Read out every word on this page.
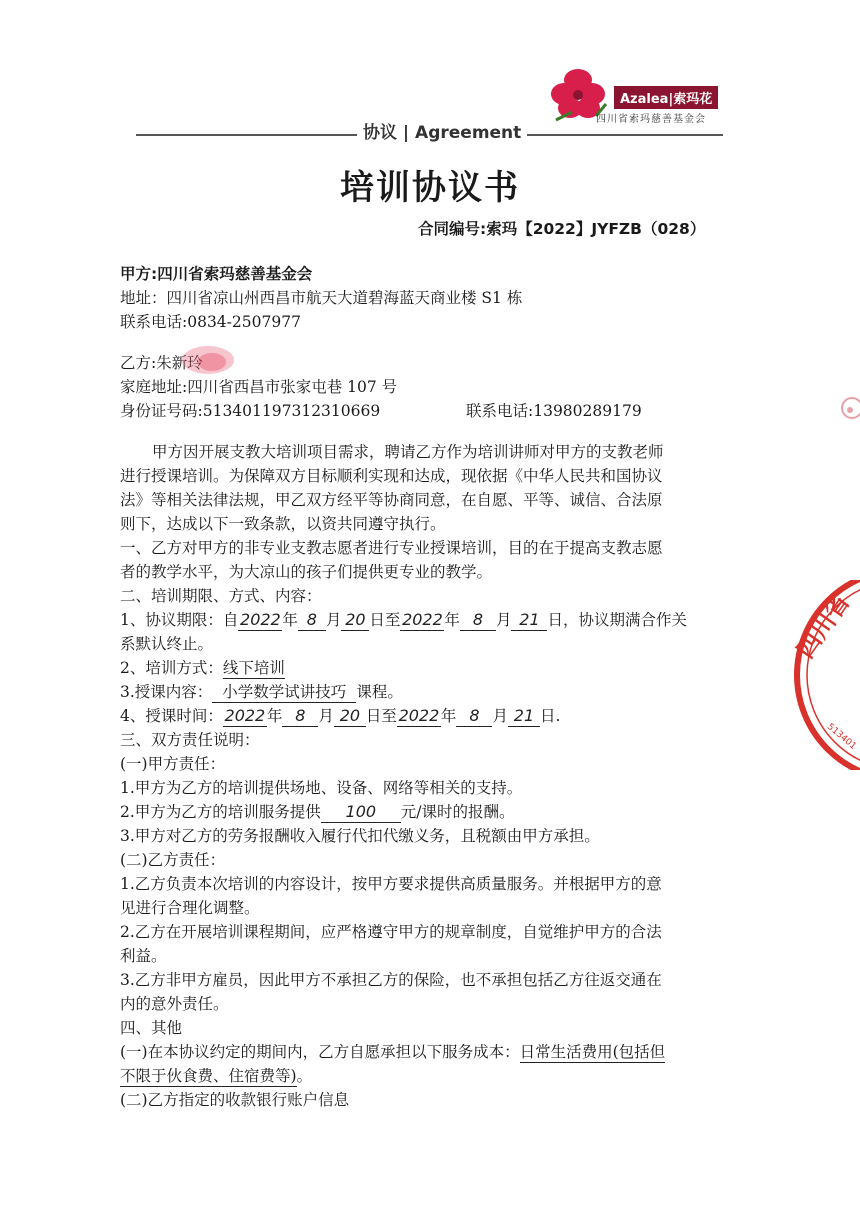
Azalea|索玛花
四川省索玛慈善基金会
协议 | Agreement
培训协议书
合同编号:索玛【2022】JYFZB（028）
甲方:四川省索玛慈善基金会
地址：四川省凉山州西昌市航天大道碧海蓝天商业楼 S1 栋
联系电话:0834-2507977
乙方:朱新玲
家庭地址:四川省西昌市张家屯巷 107 号
身份证号码:513401197312310669	联系电话:13980289179
甲方因开展支教大培训项目需求，聘请乙方作为培训讲师对甲方的支教老师
进行授课培训。为保障双方目标顺利实现和达成，现依据《中华人民共和国协议
法》等相关法律法规，甲乙双方经平等协商同意，在自愿、平等、诚信、合法原
则下，达成以下一致条款，以资共同遵守执行。
一、乙方对甲方的非专业支教志愿者进行专业授课培训，目的在于提高支教志愿
者的教学水平，为大凉山的孩子们提供更专业的教学。
二、培训期限、方式、内容：
1、协议期限：自 2022 年 8 月 20 日至 2022 年 8 月 21 日，协议期满合作关
系默认终止。
2、培训方式：线下培训
3.授课内容： 小学数学试讲技巧 课程。
4、授课时间： 2022 年 8 月 20 日至 2022 年 8 月 21 日.
三、双方责任说明：
(一)甲方责任：
1.甲方为乙方的培训提供场地、设备、网络等相关的支持。
2.甲方为乙方的培训服务提供 100 元/课时的报酬。
3.甲方对乙方的劳务报酬收入履行代扣代缴义务，且税额由甲方承担。
(二)乙方责任：
1.乙方负责本次培训的内容设计，按甲方要求提供高质量服务。并根据甲方的意
见进行合理化调整。
2.乙方在开展培训课程期间，应严格遵守甲方的规章制度，自觉维护甲方的合法
利益。
3.乙方非甲方雇员，因此甲方不承担乙方的保险，也不承担包括乙方往返交通在
内的意外责任。
四、其他
(一)在本协议约定的期间内，乙方自愿承担以下服务成本：日常生活费用(包括但
不限于伙食费、住宿费等)。
(二)乙方指定的收款银行账户信息
四川省
513401
